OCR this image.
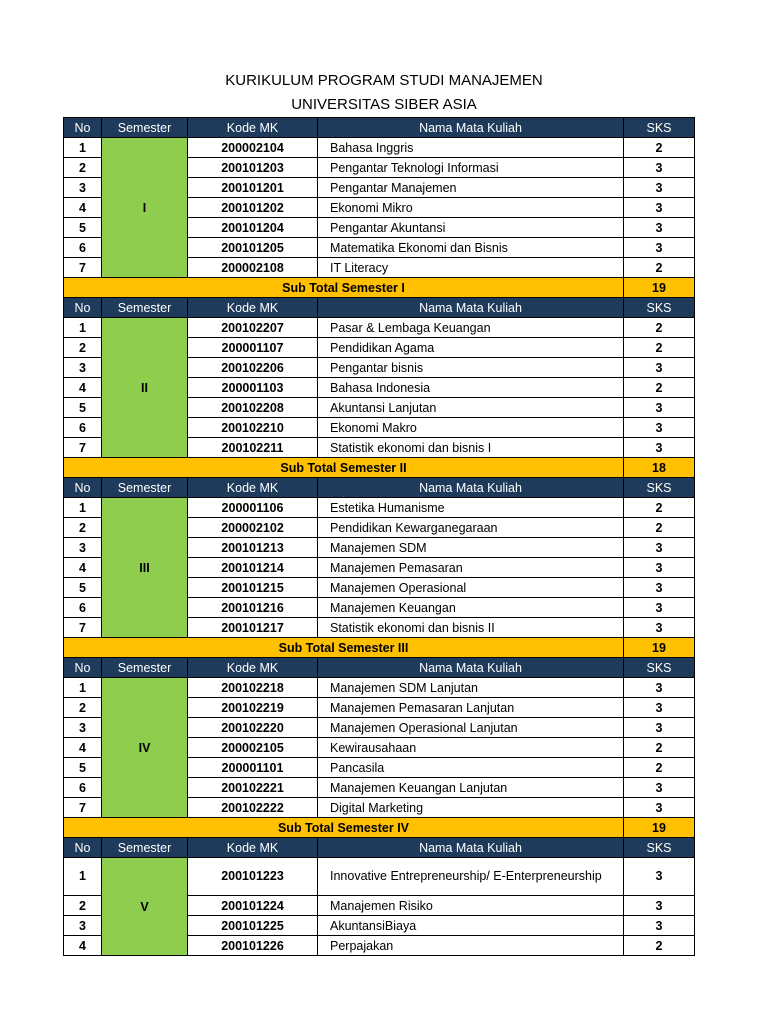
KURIKULUM PROGRAM STUDI MANAJEMEN
UNIVERSITAS SIBER ASIA
No	Semester	Kode MK	Nama Mata Kuliah	SKS
1	I	200002104	Bahasa Inggris	2
2		200101203	Pengantar Teknologi Informasi	3
3		200101201	Pengantar Manajemen	3
4		200101202	Ekonomi Mikro	3
5		200101204	Pengantar Akuntansi	3
6		200101205	Matematika Ekonomi dan Bisnis	3
7		200002108	IT Literacy	2
Sub Total Semester I				19
No	Semester	Kode MK	Nama Mata Kuliah	SKS
1	II	200102207	Pasar & Lembaga Keuangan	2
2		200001107	Pendidikan Agama	2
3		200102206	Pengantar bisnis	3
4		200001103	Bahasa Indonesia	2
5		200102208	Akuntansi Lanjutan	3
6		200102210	Ekonomi Makro	3
7		200102211	Statistik ekonomi dan bisnis I	3
Sub Total Semester II				18
No	Semester	Kode MK	Nama Mata Kuliah	SKS
1	III	200001106	Estetika Humanisme	2
2		200002102	Pendidikan Kewarganegaraan	2
3		200101213	Manajemen SDM	3
4		200101214	Manajemen Pemasaran	3
5		200101215	Manajemen Operasional	3
6		200101216	Manajemen Keuangan	3
7		200101217	Statistik ekonomi dan bisnis II	3
Sub Total Semester III				19
No	Semester	Kode MK	Nama Mata Kuliah	SKS
1	IV	200102218	Manajemen SDM Lanjutan	3
2		200102219	Manajemen Pemasaran Lanjutan	3
3		200102220	Manajemen Operasional Lanjutan	3
4		200002105	Kewirausahaan	2
5		200001101	Pancasila	2
6		200102221	Manajemen Keuangan Lanjutan	3
7		200102222	Digital Marketing	3
Sub Total Semester IV				19
No	Semester	Kode MK	Nama Mata Kuliah	SKS
1	V	200101223	Innovative Entrepreneurship/ E-Enterpreneurship	3
2		200101224	Manajemen Risiko	3
3		200101225	AkuntansiBiaya	3
4		200101226	Perpajakan	2
